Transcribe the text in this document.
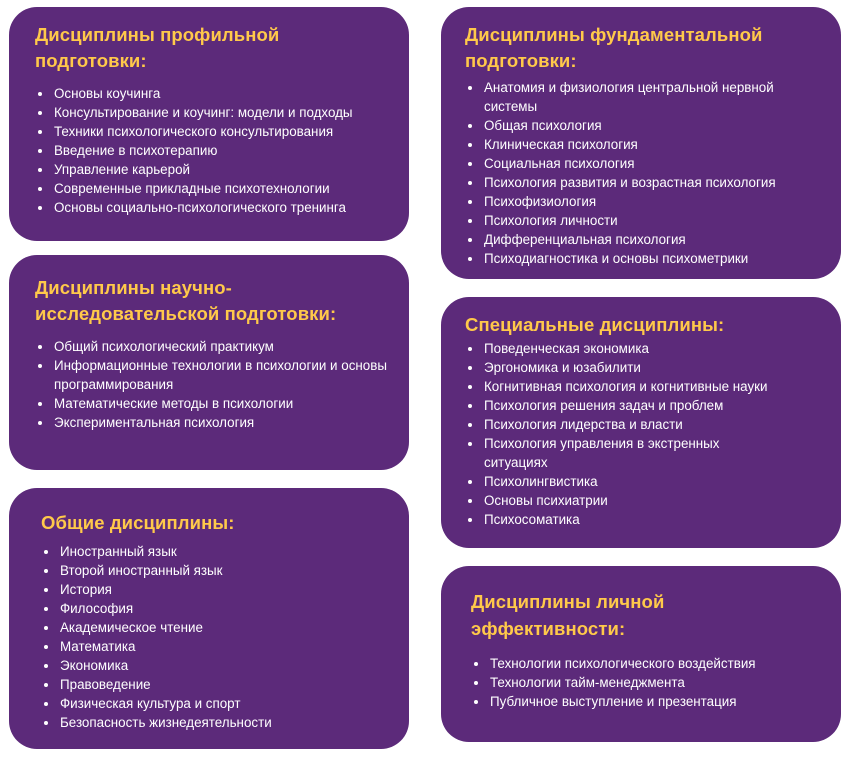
Дисциплины профильной подготовки:
Основы коучинга
Консультирование и коучинг: модели и подходы
Техники психологического консультирования
Введение в психотерапию
Управление карьерой
Современные прикладные психотехнологии
Основы социально-психологического тренинга
Дисциплины фундаментальной подготовки:
Анатомия и физиология центральной нервной системы
Общая психология
Клиническая психология
Социальная психология
Психология развития и возрастная психология
Психофизиология
Психология личности
Дифференциальная психология
Психодиагностика и основы психометрики
Дисциплины научно-исследовательской подготовки:
Общий психологический практикум
Информационные технологии в психологии и основы программирования
Математические методы в психологии
Экспериментальная психология
Специальные дисциплины:
Поведенческая экономика
Эргономика и юзабилити
Когнитивная психология и когнитивные науки
Психология решения задач и проблем
Психология лидерства и власти
Психология управления в экстренных ситуациях
Психолингвистика
Основы психиатрии
Психосоматика
Общие дисциплины:
Иностранный язык
Второй иностранный язык
История
Философия
Академическое чтение
Математика
Экономика
Правоведение
Физическая культура и спорт
Безопасность жизнедеятельности
Дисциплины личной эффективности:
Технологии психологического воздействия
Технологии тайм-менеджмента
Публичное выступление и презентация
